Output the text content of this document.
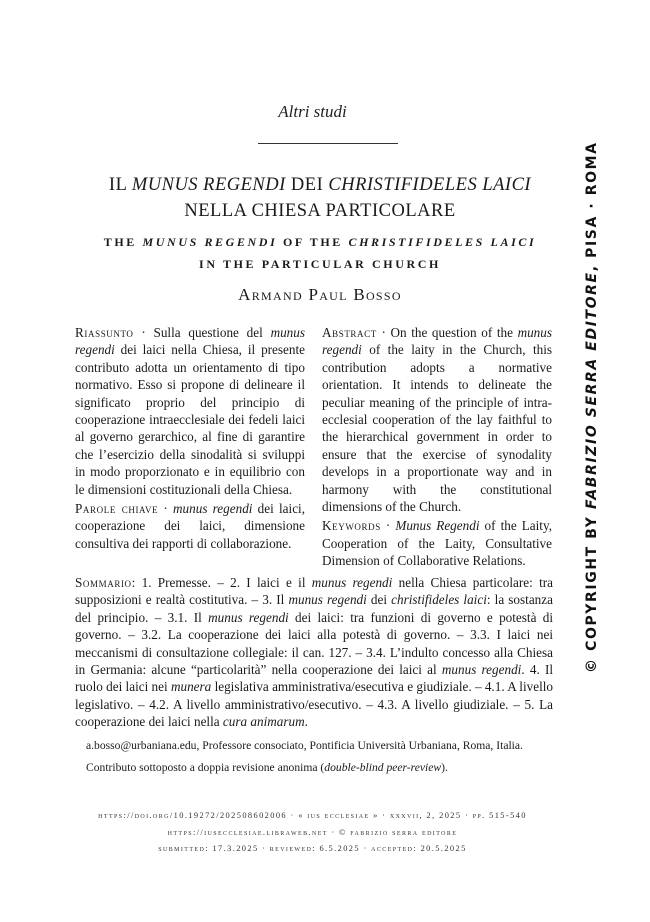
Altri studi
IL MUNUS REGENDI DEI CHRISTIFIDELES LAICI
NELLA CHIESA PARTICOLARE
THE MUNUS REGENDI OF THE CHRISTIFIDELES LAICI
IN THE PARTICULAR CHURCH
Armand Paul Bosso

Riassunto · Sulla questione del munus regendi dei laici nella Chiesa, il presente contributo adotta un orientamento di tipo normativo. Esso si propone di delineare il significato proprio del principio di cooperazione intraecclesiale dei fedeli laici al governo gerarchico, al fine di garantire che l’esercizio della sinodalità si sviluppi in modo proporzionato e in equilibrio con le dimensioni costituzionali della Chiesa.

Parole chiave · munus regendi dei laici, cooperazione dei laici, dimensione consultiva dei rapporti di collaborazione.

Abstract · On the question of the munus regendi of the laity in the Church, this contribution adopts a normative orientation. It intends to delineate the peculiar meaning of the principle of intra-ecclesial cooperation of the lay faithful to the hierarchical government in order to ensure that the exercise of synodality develops in a proportionate way and in harmony with the constitutional dimensions of the Church.

Keywords · Munus Regendi of the Laity, Cooperation of the Laity, Consultative Dimension of Collaborative Relations.

Sommario: 1. Premesse. – 2. I laici e il munus regendi nella Chiesa particolare: tra supposizioni e realtà costitutiva. – 3. Il munus regendi dei christifideles laici: la sostanza del principio. – 3.1. Il munus regendi dei laici: tra funzioni di governo e potestà di governo. – 3.2. La cooperazione dei laici alla potestà di governo. – 3.3. I laici nei meccanismi di consultazione collegiale: il can. 127. – 3.4. L’indulto concesso alla Chiesa in Germania: alcune “particolarità” nella cooperazione dei laici al munus regendi. 4. Il ruolo dei laici nei munera legislativa amministrativa/esecutiva e giudiziale. – 4.1. A livello legislativo. – 4.2. A livello amministrativo/esecutivo. – 4.3. A livello giudiziale. – 5. La cooperazione dei laici nella cura animarum.

a.bosso@urbaniana.edu, Professore consociato, Pontificia Università Urbaniana, Roma, Italia.

Contributo sottoposto a doppia revisione anonima (double-blind peer-review).

https://doi.org/10.19272/202508602006 · « ius ecclesiae » · xxxvii, 2, 2025 · pp. 515-540
https://iusecclesiae.libraweb.net · © fabrizio serra editore
submitted: 17.3.2025 · reviewed: 6.5.2025 · accepted: 20.5.2025
© COPYRIGHT BY FABRIZIO SERRA EDITORE, PISA · ROMA
